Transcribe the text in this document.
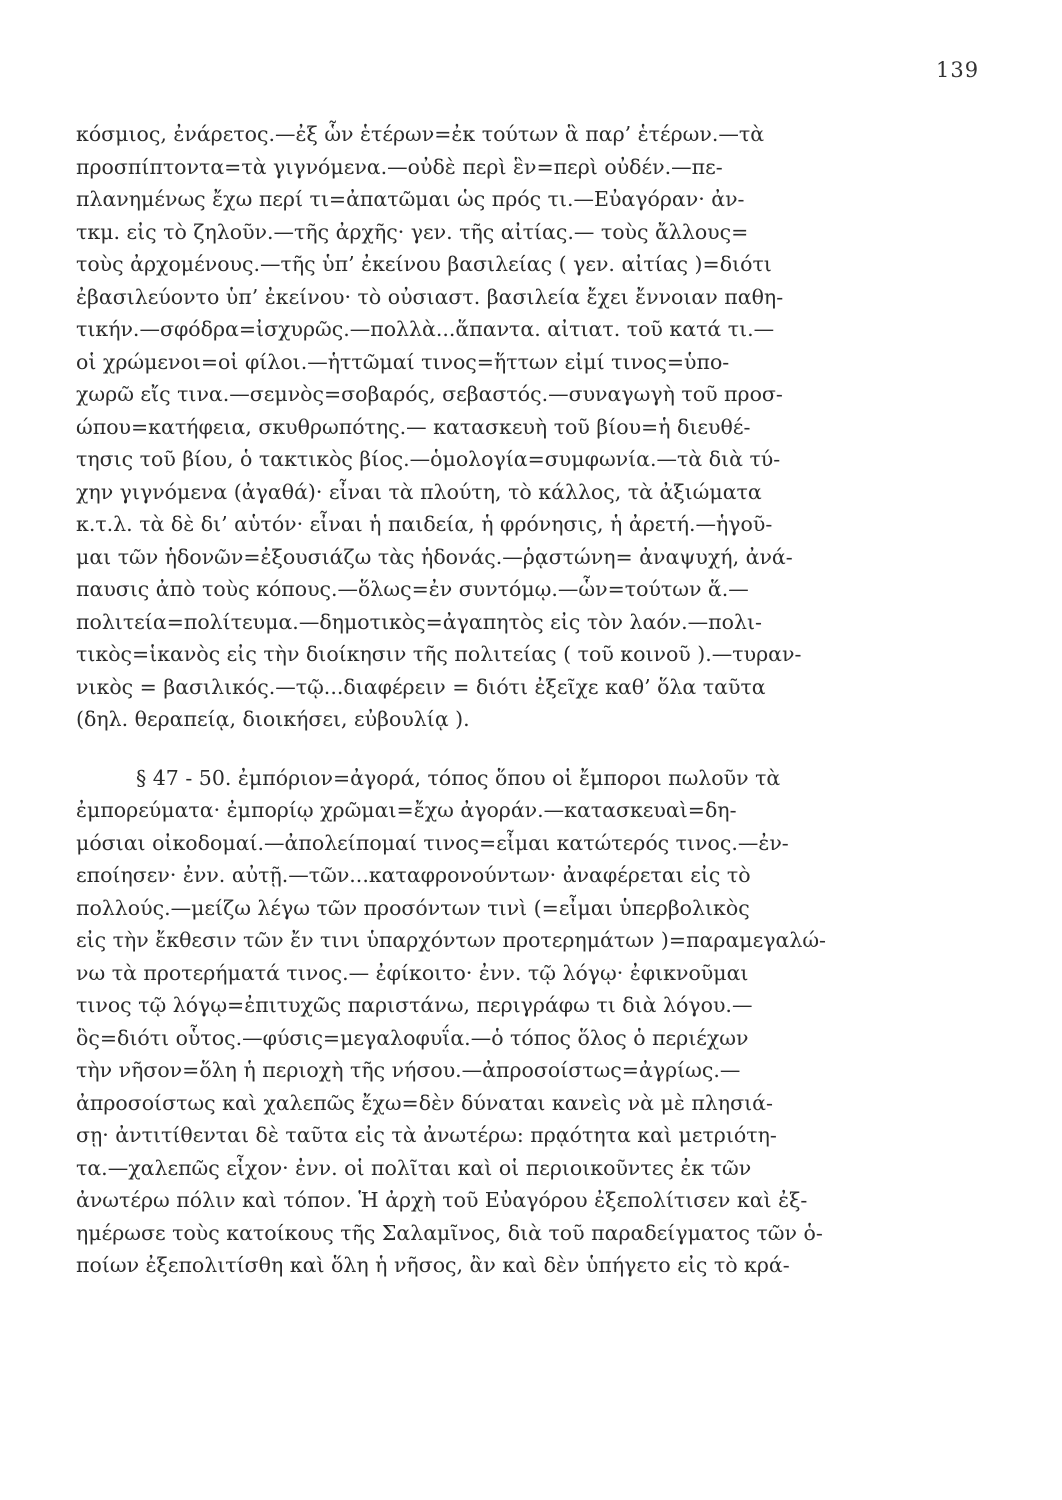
139
κόσμιος, ἐνάρετος.—ἐξ ὧν ἑτέρων=ἐκ τούτων ἃ παρ’ ἑτέρων.—τὰ
προσπίπτοντα=τὰ γιγνόμενα.—οὐδὲ περὶ ἓν=περὶ οὐδέν.—πε-
πλανημένως ἔχω περί τι=ἀπατῶμαι ὡς πρός τι.—Εὐαγόραν· ἀν-
τκμ. εἰς τὸ ζηλοῦν.—τῆς ἀρχῆς· γεν. τῆς αἰτίας.— τοὺς ἄλλους=
τοὺς ἀρχομένους.—τῆς ὑπ’ ἐκείνου βασιλείας ( γεν. αἰτίας )=διότι
ἐβασιλεύοντο ὑπ’ ἐκείνου· τὸ οὐσιαστ. βασιλεία ἔχει ἔννοιαν παθη-
τικήν.—σφόδρα=ἰσχυρῶς.—πολλὰ...ἅπαντα. αἰτιατ. τοῦ κατά τι.—
οἱ χρώμενοι=οἱ φίλοι.—ἡττῶμαί τινος=ἥττων εἰμί τινος=ὑπο-
χωρῶ εἴς τινα.—σεμνὸς=σοβαρός, σεβαστός.—συναγωγὴ τοῦ προσ-
ώπου=κατήφεια, σκυθρωπότης.— κατασκευὴ τοῦ βίου=ἡ διευθέ-
τησις τοῦ βίου, ὁ τακτικὸς βίος.—ὁμολογία=συμφωνία.—τὰ διὰ τύ-
χην γιγνόμενα (ἀγαθά)· εἶναι τὰ πλούτη, τὸ κάλλος, τὰ ἀξιώματα
κ.τ.λ. τὰ δὲ δι’ αὑτόν· εἶναι ἡ παιδεία, ἡ φρόνησις, ἡ ἀρετή.—ἡγοῦ-
μαι τῶν ἡδονῶν=ἐξουσιάζω τὰς ἡδονάς.—ῥᾳστώνη= ἀναψυχή, ἀνά-
παυσις ἀπὸ τοὺς κόπους.—ὅλως=ἐν συντόμῳ.—ὧν=τούτων ἅ.—
πολιτεία=πολίτευμα.—δημοτικὸς=ἀγαπητὸς εἰς τὸν λαόν.—πολι-
τικὸς=ἱκανὸς εἰς τὴν διοίκησιν τῆς πολιτείας ( τοῦ κοινοῦ ).—τυραν-
νικὸς = βασιλικός.—τῷ...διαφέρειν = διότι ἐξεῖχε καθ’ ὅλα ταῦτα
(δηλ. θεραπείᾳ, διοικήσει, εὐβουλίᾳ ).
§ 47 - 50. ἐμπόριον=ἀγορά, τόπος ὅπου οἱ ἔμποροι πωλοῦν τὰ
ἐμπορεύματα· ἐμπορίῳ χρῶμαι=ἔχω ἀγοράν.—κατασκευαὶ=δη-
μόσιαι οἰκοδομαί.—ἀπολείπομαί τινος=εἶμαι κατώτερός τινος.—ἐν-
εποίησεν· ἐνν. αὐτῇ.—τῶν...καταφρονούντων· ἀναφέρεται εἰς τὸ
πολλούς.—μείζω λέγω τῶν προσόντων τινὶ (=εἶμαι ὑπερβολικὸς
εἰς τὴν ἔκθεσιν τῶν ἔν τινι ὑπαρχόντων προτερημάτων )=παραμεγαλώ-
νω τὰ προτερήματά τινος.— ἐφίκοιτο· ἐνν. τῷ λόγῳ· ἐφικνοῦμαι
τινος τῷ λόγῳ=ἐπιτυχῶς παριστάνω, περιγράφω τι διὰ λόγου.—
ὃς=διότι οὗτος.—φύσις=μεγαλοφυΐα.—ὁ τόπος ὅλος ὁ περιέχων
τὴν νῆσον=ὅλη ἡ περιοχὴ τῆς νήσου.—ἀπροσοίστως=ἀγρίως.—
ἀπροσοίστως καὶ χαλεπῶς ἔχω=δὲν δύναται κανεὶς νὰ μὲ πλησιά-
σῃ· ἀντιτίθενται δὲ ταῦτα εἰς τὰ ἀνωτέρω: πρᾳότητα καὶ μετριότη-
τα.—χαλεπῶς εἶχον· ἐνν. οἱ πολῖται καὶ οἱ περιοικοῦντες ἐκ τῶν
ἀνωτέρω πόλιν καὶ τόπον. Ἡ ἀρχὴ τοῦ Εὐαγόρου ἐξεπολίτισεν καὶ ἐξ-
ημέρωσε τοὺς κατοίκους τῆς Σαλαμῖνος, διὰ τοῦ παραδείγματος τῶν ὁ-
ποίων ἐξεπολιτίσθη καὶ ὅλη ἡ νῆσος, ἂν καὶ δὲν ὑπήγετο εἰς τὸ κρά-
